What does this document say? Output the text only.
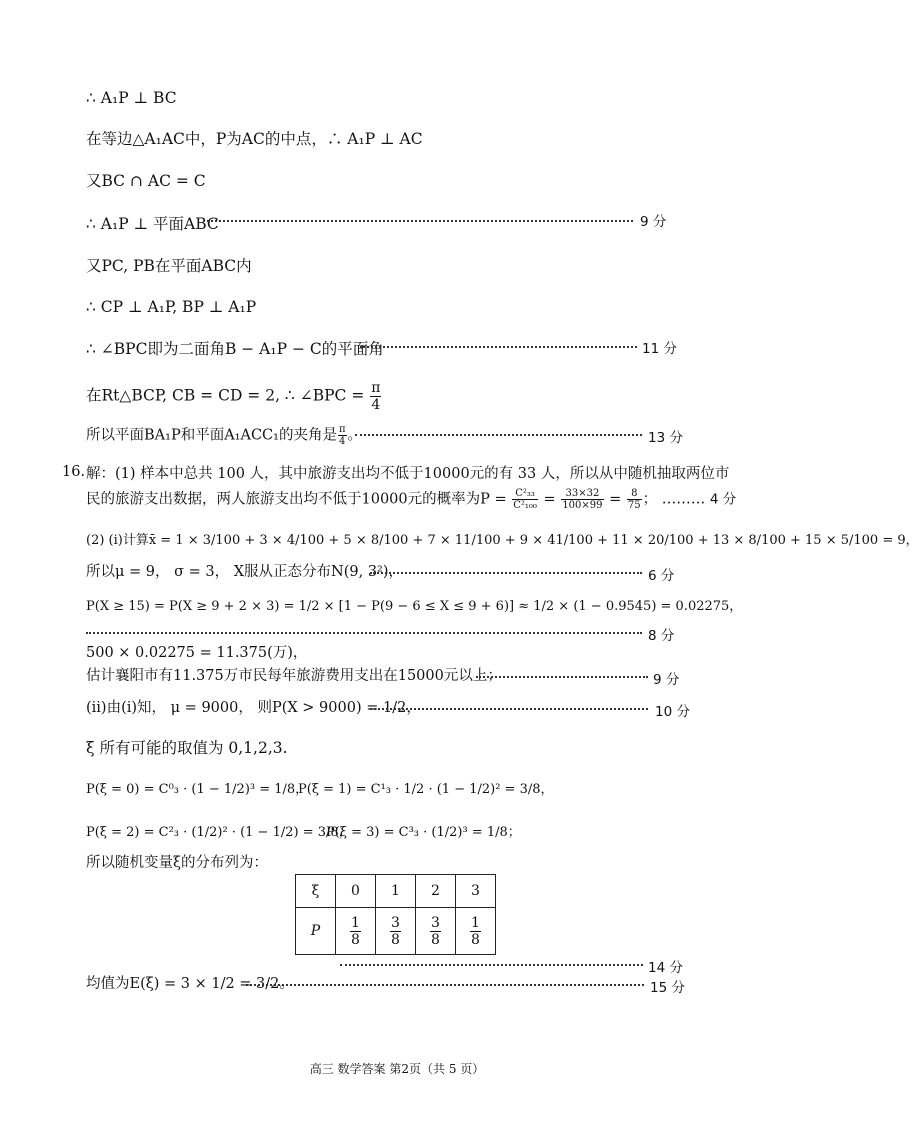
∴ A₁P ⊥ BC
在等边△A₁AC中，P为AC的中点，∴ A₁P ⊥ AC
又BC ∩ AC = C
∴ A₁P ⊥ 平面ABC	9 分
又PC, PB在平面ABC内
∴ CP ⊥ A₁P, BP ⊥ A₁P
∴ ∠BPC即为二面角B − A₁P − C的平面角	11 分
在Rt△BCP, CB = CD = 2, ∴ ∠BPC = $\frac{\pi}{4}$
所以平面BA₁P和平面A₁ACC₁的夹角是 $\frac{\pi}{4}$ 。	13 分
16. 解：(1) 样本中总共 100 人，其中旅游支出均不低于10000元的有 33 人，所以从中随机抽取两位市
民的旅游支出数据，两人旅游支出均不低于10000元的概率为$P = \frac{\text{C²₃₃}}{\text{C²₁₀₀}} = \frac{33\times 32}{100\times 99} = \frac{8}{75}$ ； ……… 4 分
(2) (i)计算x̄ = 1 × 3/100 + 3 × 4/100 + 5 × 8/100 + 7 × 11/100 + 9 × 41/100 + 11 × 20/100 + 13 × 8/100 + 15 × 5/100 = 9，
所以μ = 9， σ = 3， X服从正态分布N(9, 3²)，	6 分
P(X ≥ 15) = P(X ≥ 9 + 2 × 3) = 1/2 × [1 − P(9 − 6 ≤ X ≤ 9 + 6)] ≈ 1/2 × (1 − 0.9545) = 0.02275，
8 分
500 × 0.02275 = 11.375(万)，
估计襄阳市有11.375万市民每年旅游费用支出在15000元以上；	9 分
(ii)由(i)知， μ = 9000， 则P(X > 9000) = 1/2，	10 分
ξ 所有可能的取值为 0,1,2,3.
P(ξ = 0) = C⁰₃ · (1 − 1/2)³ = 1/8，
P(ξ = 1) = C¹₃ · 1/2 · (1 − 1/2)² = 3/8，
P(ξ = 2) = C²₃ · (1/2)² · (1 − 1/2) = 3/8，
P(ξ = 3) = C³₃ · (1/2)³ = 1/8；
所以随机变量ξ的分布列为：
ξ	0	1	2	3
P	$\frac{1}{8}$	$\frac{3}{8}$	$\frac{3}{8}$	$\frac{1}{8}$
14 分
均值为E(ξ) = 3 × 1/2 = 3/2。	15 分
高三 数学答案 第2页（共 5 页）
